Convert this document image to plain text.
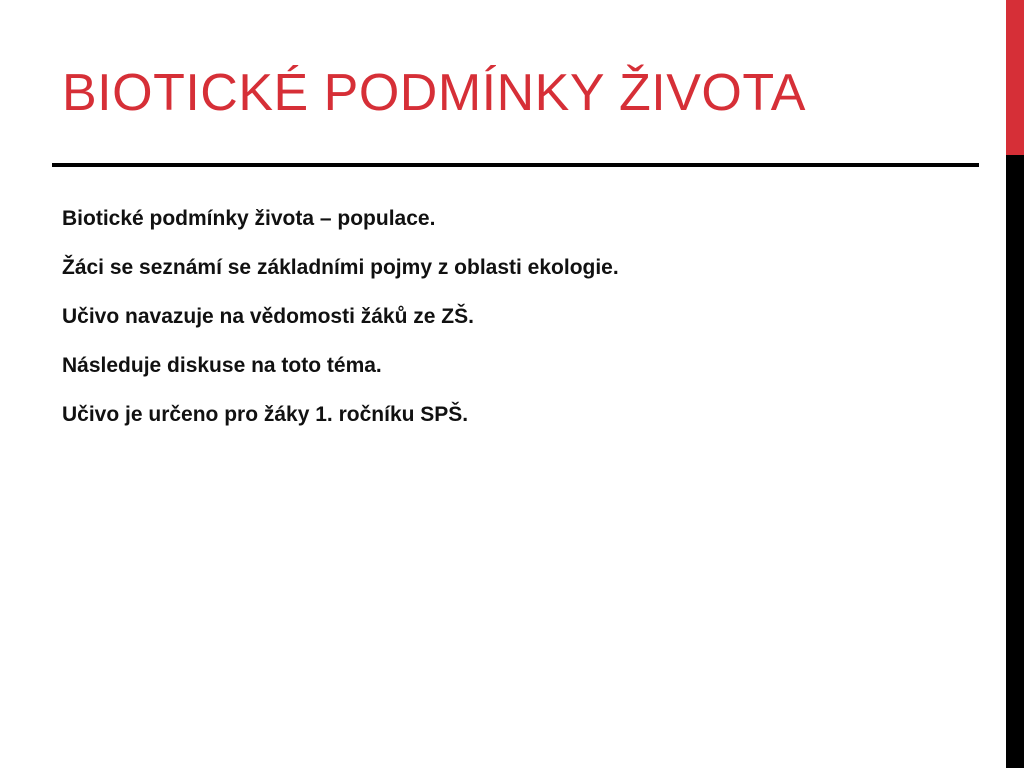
BIOTICKÉ PODMÍNKY ŽIVOTA

Biotické podmínky života – populace.

Žáci se seznámí se základními pojmy z oblasti ekologie.

Učivo navazuje na vědomosti žáků ze ZŠ.

Následuje diskuse na toto téma.

Učivo je určeno pro žáky 1. ročníku SPŠ.
